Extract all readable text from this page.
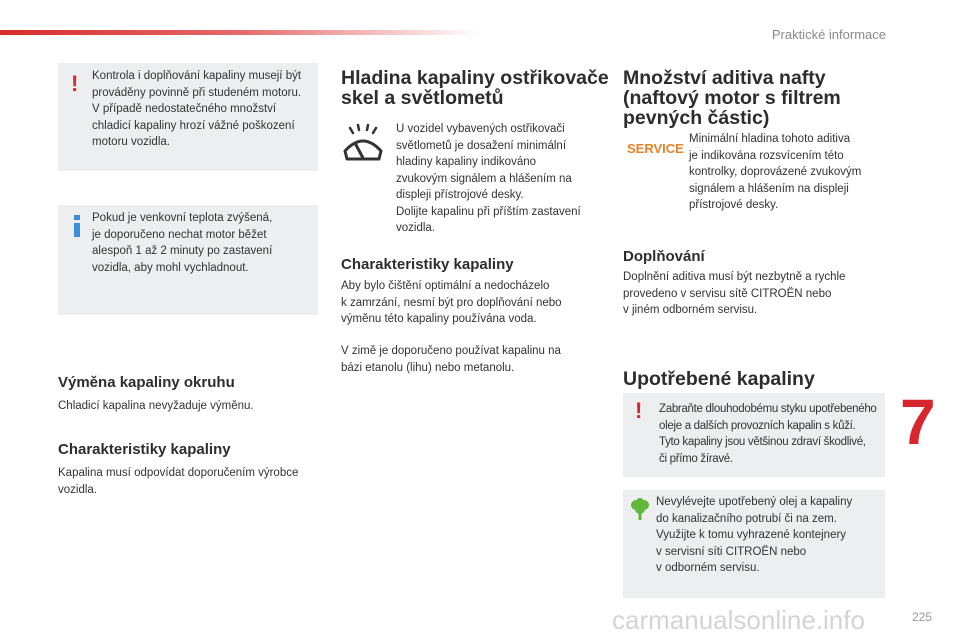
Praktické informace
7
! Kontrola i doplňování kapaliny musejí být
prováděny povinně při studeném motoru.
V případě nedostatečného množství
chladicí kapaliny hrozí vážné poškození
motoru vozidla.
Pokud je venkovní teplota zvýšená,
je doporučeno nechat motor běžet
alespoň 1 až 2 minuty po zastavení
vozidla, aby mohl vychladnout.
Výměna kapaliny okruhu
Chladicí kapalina nevyžaduje výměnu.
Charakteristiky kapaliny
Kapalina musí odpovídat doporučením výrobce
vozidla.
Hladina kapaliny ostřikovače
skel a světlometů
U vozidel vybavených ostřikovači
světlometů je dosažení minimální
hladiny kapaliny indikováno
zvukovým signálem a hlášením na
displeji přístrojové desky.
Dolijte kapalinu při příštím zastavení
vozidla.
Charakteristiky kapaliny
Aby bylo čištění optimální a nedocházelo
k zamrzání, nesmí být pro doplňování nebo
výměnu této kapaliny používána voda.
V zimě je doporučeno používat kapalinu na
bázi etanolu (lihu) nebo metanolu.
Množství aditiva nafty
(naftový motor s filtrem
pevných částic)
SERVICE
Minimální hladina tohoto aditiva
je indikována rozsvícením této
kontrolky, doprovázené zvukovým
signálem a hlášením na displeji
přístrojové desky.
Doplňování
Doplnění aditiva musí být nezbytně a rychle
provedeno v servisu sítě CITROËN nebo
v jiném odborném servisu.
Upotřebené kapaliny
! Zabraňte dlouhodobému styku upotřebeného
oleje a dalších provozních kapalin s kůží.
Tyto kapaliny jsou většinou zdraví škodlivé,
či přímo žíravé.
Nevylévejte upotřebený olej a kapaliny
do kanalizačního potrubí či na zem.
Využijte k tomu vyhrazené kontejnery
v servisní síti CITROËN nebo
v odborném servisu.
carmanualsonline.info	225
